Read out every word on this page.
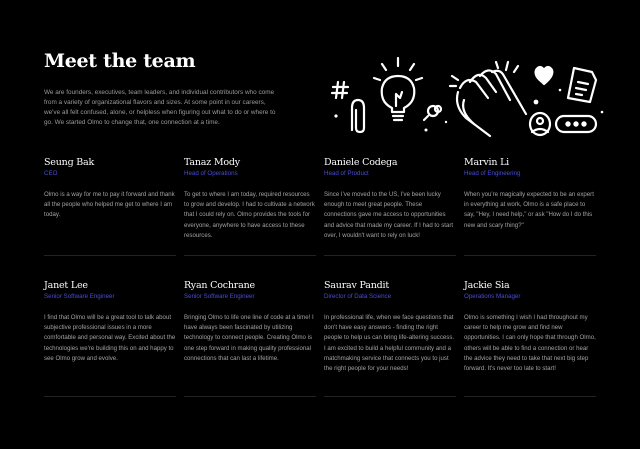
Meet the team

We are founders, executives, team leaders, and individual contributors who come from a variety of organizational flavors and sizes. At some point in our careers, we've all felt confused, alone, or helpless when figuring out what to do or where to go. We started Olmo to change that, one connection at a time.

Seung Bak
CEO
Olmo is a way for me to pay it forward and thank all the people who helped me get to where I am today.
Tanaz Mody
Head of Operations
To get to where I am today, required resources to grow and develop. I had to cultivate a network that I could rely on. Olmo provides the tools for everyone, anywhere to have access to these resources.
Daniele Codega
Head of Product
Since I've moved to the US, I've been lucky enough to meet great people. These connections gave me access to opportunities and advice that made my career. If I had to start over, I wouldn't want to rely on luck!
Marvin Li
Head of Engineering
When you're magically expected to be an expert in everything at work, Olmo is a safe place to say, "Hey, I need help," or ask "How do I do this new and scary thing?"
Janet Lee
Senior Software Engineer
I find that Olmo will be a great tool to talk about subjective professional issues in a more comfortable and personal way. Excited about the technologies we're building this on and happy to see Olmo grow and evolve.
Ryan Cochrane
Senior Software Engineer
Bringing Olmo to life one line of code at a time! I have always been fascinated by utilizing technology to connect people. Creating Olmo is one step forward in making quality professional connections that can last a lifetime.
Saurav Pandit
Director of Data Science
In professional life, when we face questions that don't have easy answers - finding the right people to help us can bring life-altering success. I am excited to build a helpful community and a matchmaking service that connects you to just the right people for your needs!
Jackie Sia
Operations Manager
Olmo is something I wish I had throughout my career to help me grow and find new opportunities. I can only hope that through Olmo, others will be able to find a connection or hear the advice they need to take that next big step forward. It's never too late to start!
